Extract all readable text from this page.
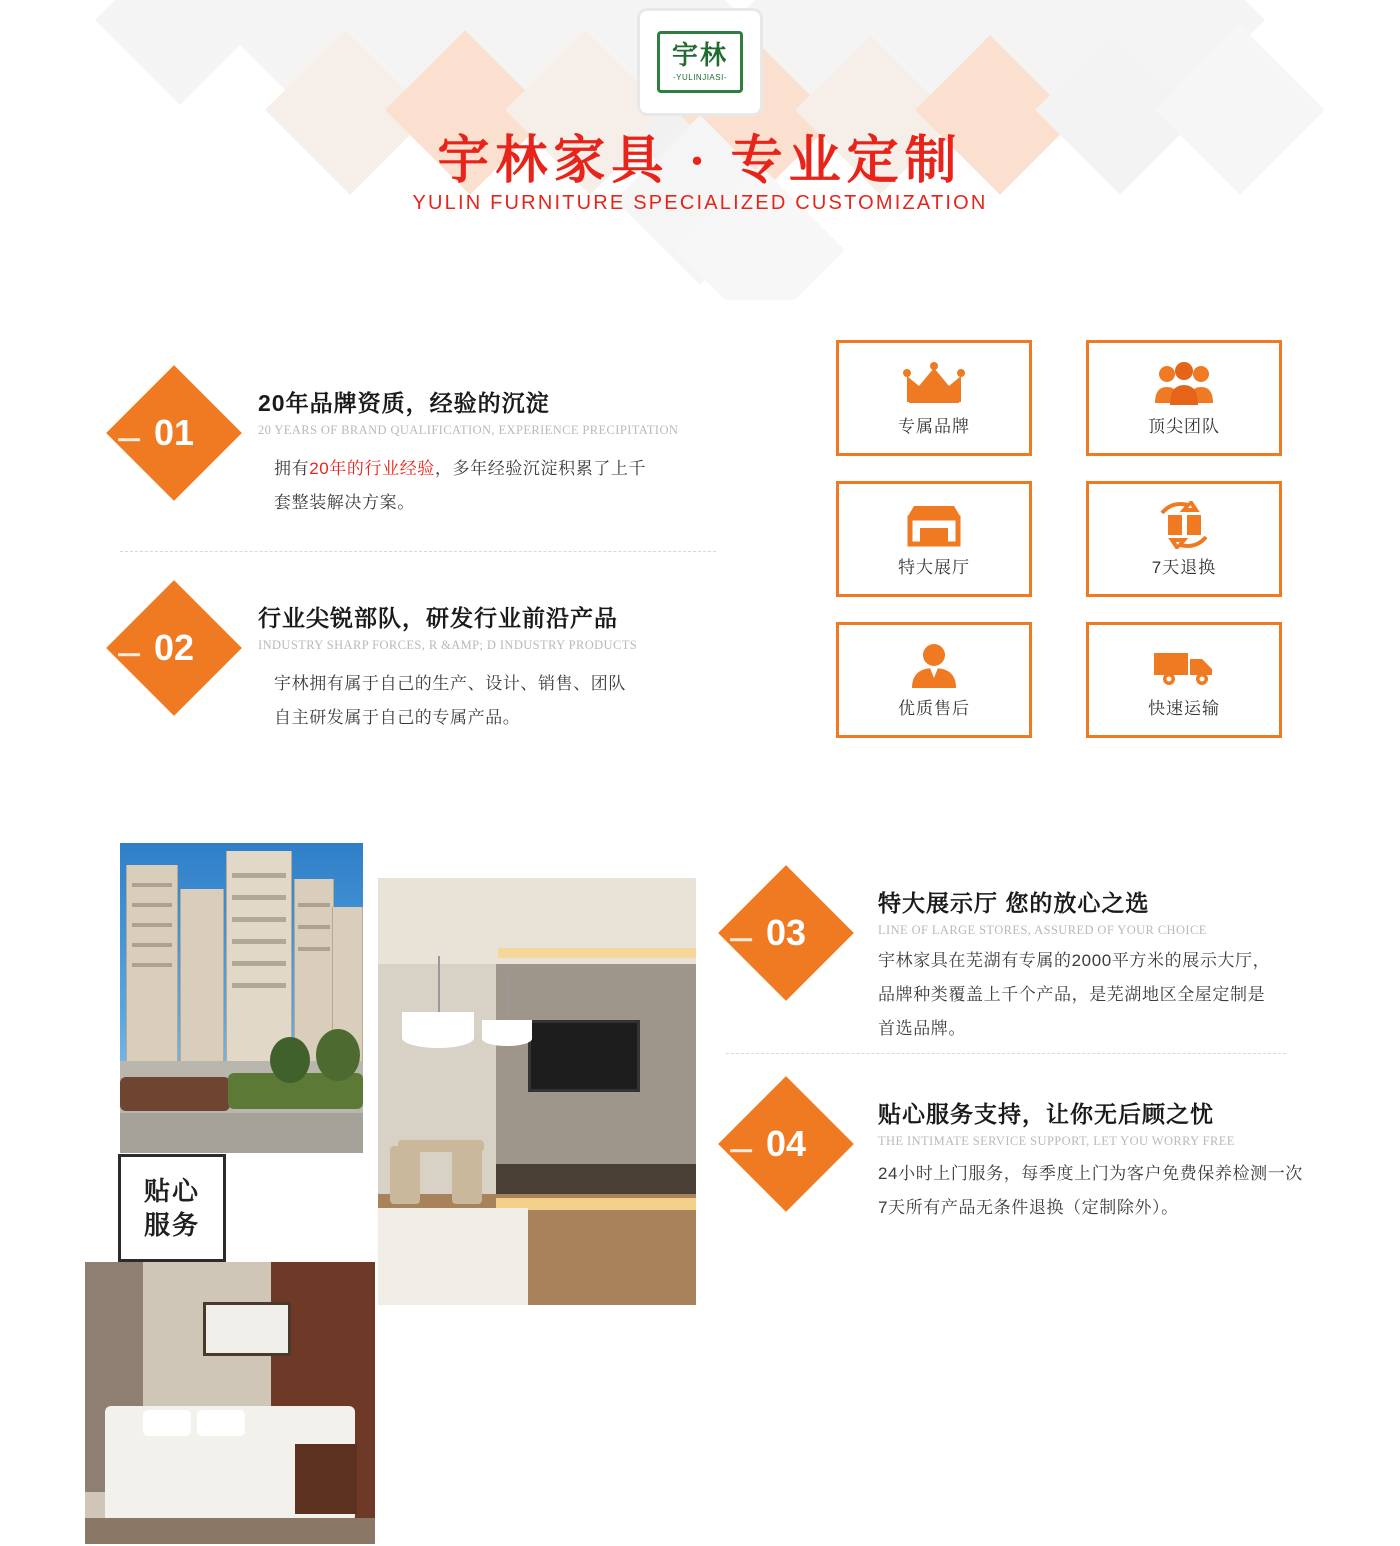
宇林
-YULINJIASI-
宇林家具 · 专业定制
YULIN FURNITURE SPECIALIZED CUSTOMIZATION
01
20年品牌资质，经验的沉淀
20 YEARS OF BRAND QUALIFICATION, EXPERIENCE PRECIPITATION
拥有20年的行业经验，多年经验沉淀积累了上千
套整装解决方案。
02
行业尖锐部队，研发行业前沿产品
INDUSTRY SHARP FORCES, R &AMP; D INDUSTRY PRODUCTS
宇林拥有属于自己的生产、设计、销售、团队
自主研发属于自己的专属产品。
专属品牌	顶尖团队
特大展厅	7天退换
优质售后	快速运输
贴心
服务
03
特大展示厅 您的放心之选
LINE OF LARGE STORES, ASSURED OF YOUR CHOICE
宇林家具在芜湖有专属的2000平方米的展示大厅，
品牌种类覆盖上千个产品，是芜湖地区全屋定制是
首选品牌。
04
贴心服务支持，让你无后顾之忧
THE INTIMATE SERVICE SUPPORT, LET YOU WORRY FREE
24小时上门服务，每季度上门为客户免费保养检测一次
7天所有产品无条件退换（定制除外）。
